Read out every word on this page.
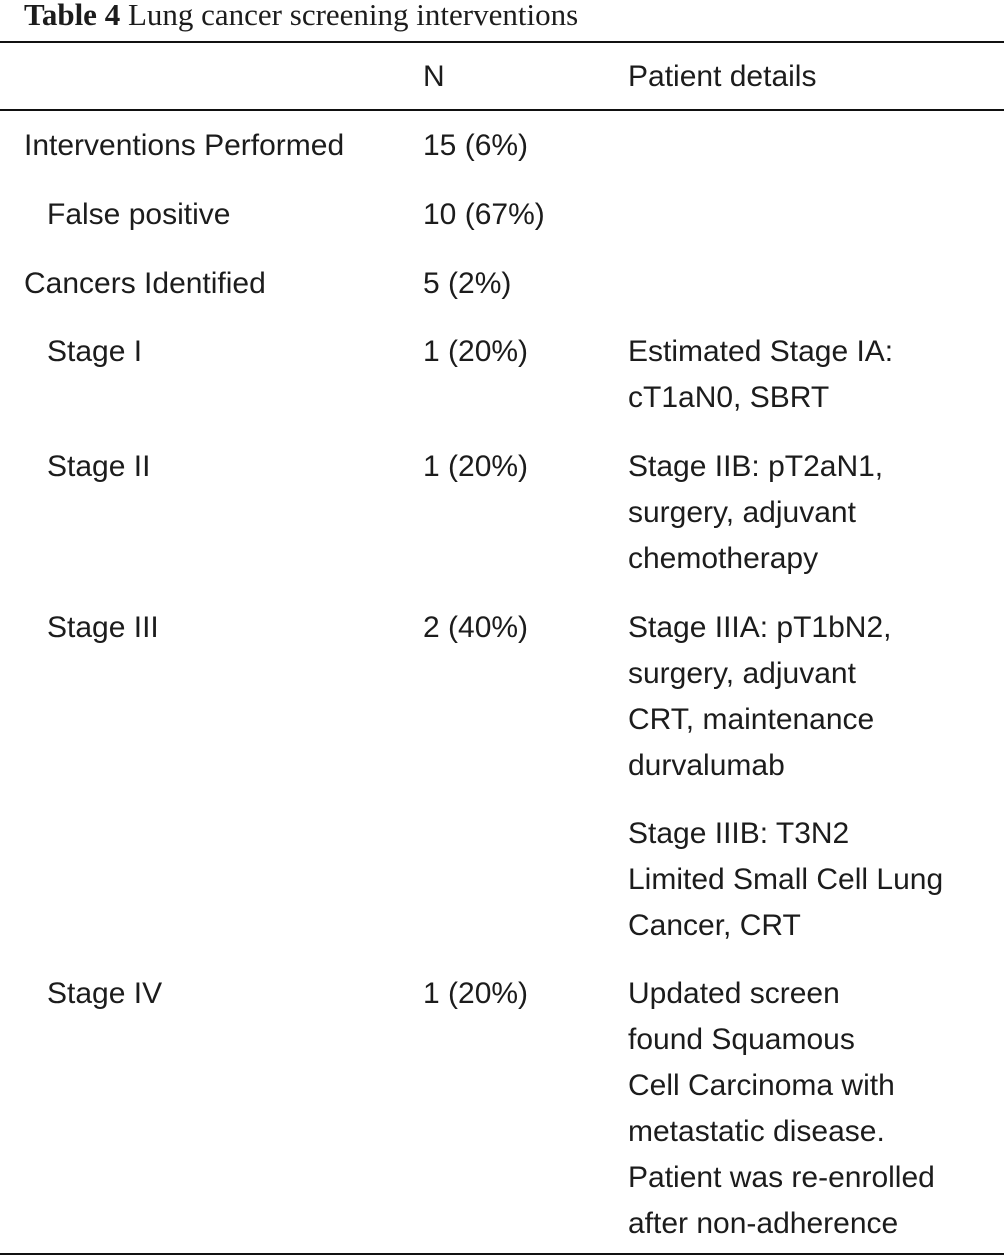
Table 4 Lung cancer screening interventions
N	Patient details
Interventions Performed	15 (6%)
False positive	10 (67%)
Cancers Identified	5 (2%)
Stage I	1 (20%)	Estimated Stage IA:
cT1aN0, SBRT
Stage II	1 (20%)	Stage IIB: pT2aN1,
surgery, adjuvant
chemotherapy
Stage III	2 (40%)	Stage IIIA: pT1bN2,
surgery, adjuvant
CRT, maintenance
durvalumab
Stage IIIB: T3N2
Limited Small Cell Lung
Cancer, CRT
Stage IV	1 (20%)	Updated screen
found Squamous
Cell Carcinoma with
metastatic disease.
Patient was re-enrolled
after non-adherence
